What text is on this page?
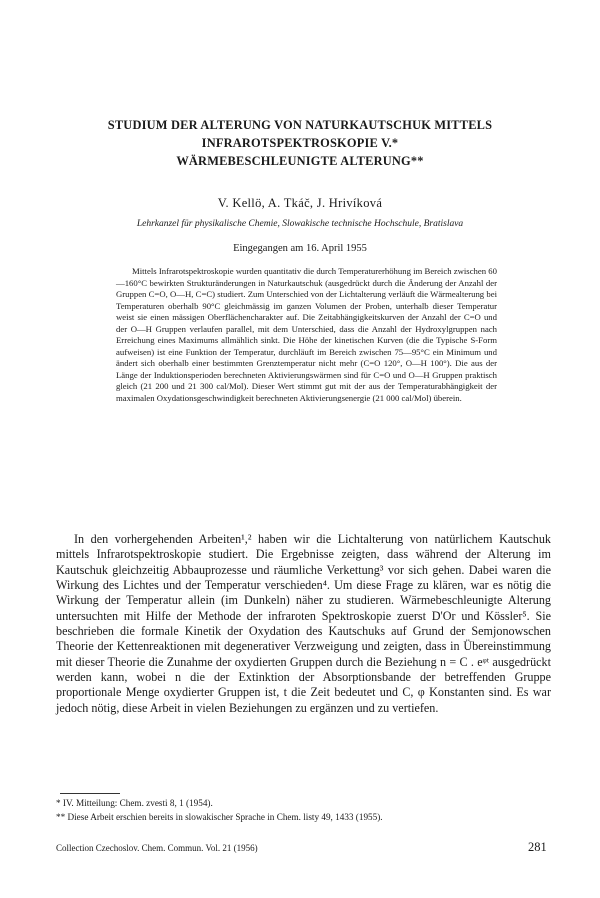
STUDIUM DER ALTERUNG VON NATURKAUTSCHUK MITTELS
INFRAROTSPEKTROSKOPIE V.*
WÄRMEBESCHLEUNIGTE ALTERUNG**
V. Kellö, A. Tkáč, J. Hrivíková
Lehrkanzel für physikalische Chemie, Slowakische technische Hochschule, Bratislava
Eingegangen am 16. April 1955

Mittels Infrarotspektroskopie wurden quantitativ die durch Temperaturerhöhung im Bereich zwischen 60—160°C bewirkten Strukturänderungen in Naturkautschuk (ausgedrückt durch die Änderung der Anzahl der Gruppen C=O, O—H, C=C) studiert. Zum Unterschied von der Lichtalterung verläuft die Wärmealterung bei Temperaturen oberhalb 90°C gleichmässig im ganzen Volumen der Proben, unterhalb dieser Temperatur weist sie einen mässigen Oberflächencharakter auf. Die Zeitabhängigkeitskurven der Anzahl der C=O und der O—H Gruppen verlaufen parallel, mit dem Unterschied, dass die Anzahl der Hydroxylgruppen nach Erreichung eines Maximums allmählich sinkt. Die Höhe der kinetischen Kurven (die die Typische S-Form aufweisen) ist eine Funktion der Temperatur, durchläuft im Bereich zwischen 75—95°C ein Minimum und ändert sich oberhalb einer bestimmten Grenztemperatur nicht mehr (C=O 120°, O—H 100°). Die aus der Länge der Induktionsperioden berechneten Aktivierungswärmen sind für C=O und O—H Gruppen praktisch gleich (21 200 und 21 300 cal/Mol). Dieser Wert stimmt gut mit der aus der Temperaturabhängigkeit der maximalen Oxydationsgeschwindigkeit berechneten Aktivierungsenergie (21 000 cal/Mol) überein.

In den vorhergehenden Arbeiten¹,² haben wir die Lichtalterung von natürlichem Kautschuk mittels Infrarotspektroskopie studiert. Die Ergebnisse zeigten, dass während der Alterung im Kautschuk gleichzeitig Abbauprozesse und räumliche Verkettung³ vor sich gehen. Dabei waren die Wirkung des Lichtes und der Temperatur verschieden⁴. Um diese Frage zu klären, war es nötig die Wirkung der Temperatur allein (im Dunkeln) näher zu studieren. Wärmebeschleunigte Alterung untersuchten mit Hilfe der Methode der infraroten Spektroskopie zuerst D'Or und Kössler⁵. Sie beschrieben die formale Kinetik der Oxydation des Kautschuks auf Grund der Semjonowschen Theorie der Kettenreaktionen mit degenerativer Verzweigung und zeigten, dass in Übereinstimmung mit dieser Theorie die Zunahme der oxydierten Gruppen durch die Beziehung n = C . eᵠᵗ ausgedrückt werden kann, wobei n die der Extinktion der Absorptionsbande der betreffenden Gruppe proportionale Menge oxydierter Gruppen ist, t die Zeit bedeutet und C, φ Konstanten sind. Es war jedoch nötig, diese Arbeit in vielen Beziehungen zu ergänzen und zu vertiefen.

* IV. Mitteilung: Chem. zvesti 8, 1 (1954).
** Diese Arbeit erschien bereits in slowakischer Sprache in Chem. listy 49, 1433 (1955).
Collection Czechoslov. Chem. Commun. Vol. 21 (1956)	281
